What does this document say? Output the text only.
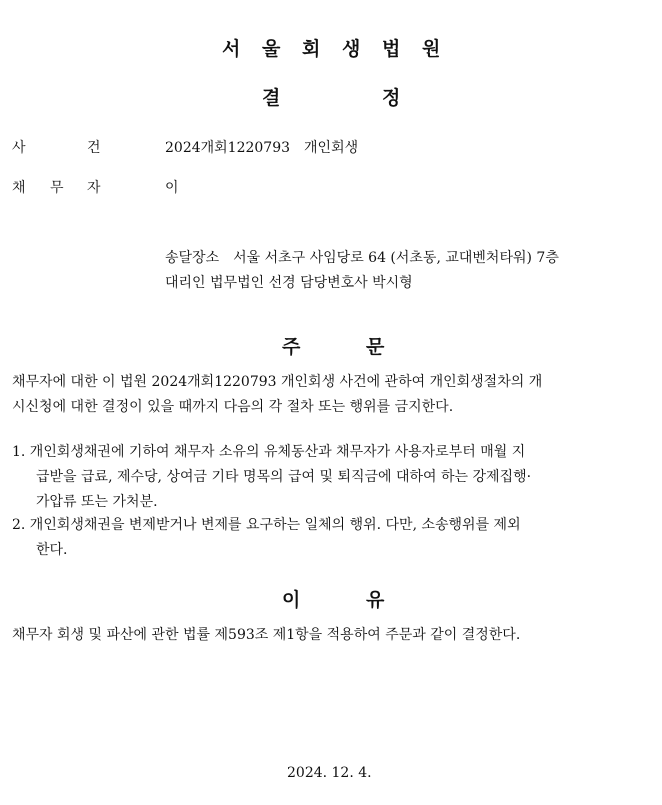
서 울 회 생 법 원
결	정
사	건	2024개회1220793　개인회생
채 무 자	이
송달장소　서울 서초구 사임당로 64 (서초동, 교대벤처타워) 7층
대리인 법무법인 선경 담당변호사 박시형
주	문
채무자에 대한 이 법원 2024개회1220793 개인회생 사건에 관하여 개인회생절차의 개
시신청에 대한 결정이 있을 때까지 다음의 각 절차 또는 행위를 금지한다.
1. 개인회생채권에 기하여 채무자 소유의 유체동산과 채무자가 사용자로부터 매월 지
급받을 급료, 제수당, 상여금 기타 명목의 급여 및 퇴직금에 대하여 하는 강제집행·
가압류 또는 가처분.
2. 개인회생채권을 변제받거나 변제를 요구하는 일체의 행위. 다만, 소송행위를 제외
한다.
이	유
채무자 회생 및 파산에 관한 법률 제593조 제1항을 적용하여 주문과 같이 결정한다.
2024. 12. 4.
